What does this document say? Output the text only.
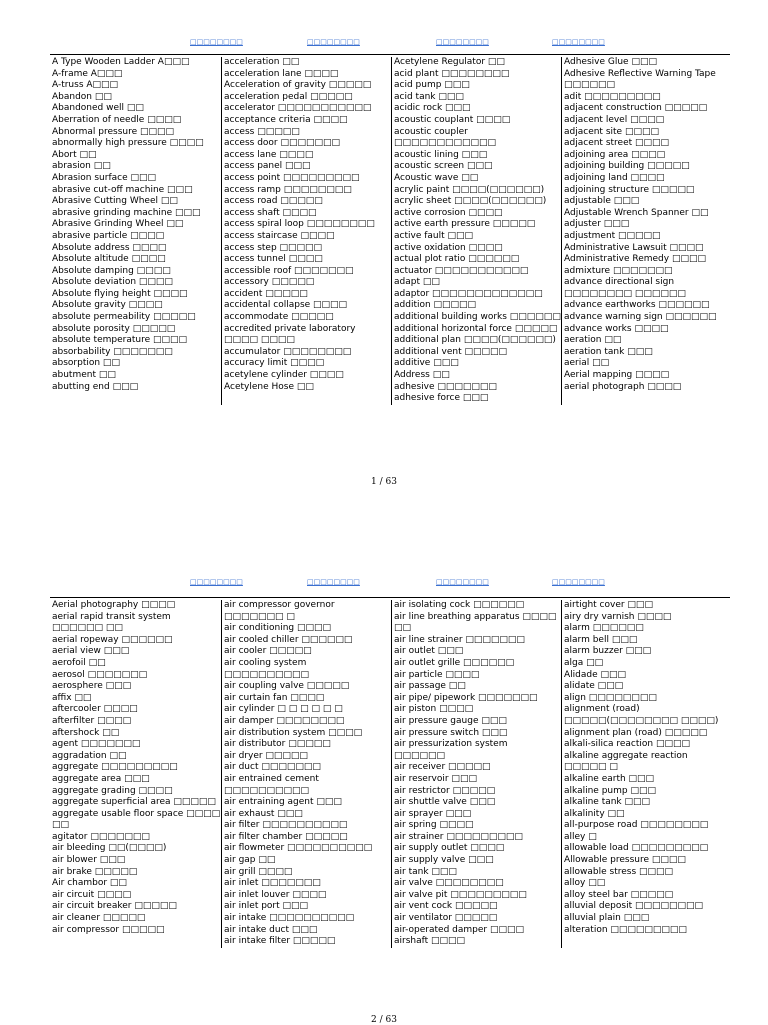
□□□□□□□□	□□□□□□□□	□□□□□□□□	□□□□□□□□
A Type Wooden Ladder A□□□
A-frame A□□□
A-truss A□□□
Abandon □□
Abandoned well □□
Aberration of needle □□□□
Abnormal pressure □□□□
abnormally high pressure □□□□
Abort □□
abrasion □□
Abrasion surface □□□
abrasive cut-off machine □□□
Abrasive Cutting Wheel □□
abrasive grinding machine □□□
Abrasive Grinding Wheel □□
abrasive particle □□□□
Absolute address □□□□
Absolute altitude □□□□
Absolute damping □□□□
Absolute deviation □□□□
Absolute flying height □□□□
Absolute gravity □□□□
absolute permeability □□□□□
absolute porosity □□□□□
absolute temperature □□□□
absorbability □□□□□□□
absorption □□
abutment □□
abutting end □□□
acceleration □□
acceleration lane □□□□
Acceleration of gravity □□□□□
acceleration pedal □□□□□
accelerator □□□□□□□□□□□
acceptance criteria □□□□
access □□□□□
access door □□□□□□□
access lane □□□□
access panel □□□
access point □□□□□□□□□
access ramp □□□□□□□□
access road □□□□□
access shaft □□□□
access spiral loop □□□□□□□□
access staircase □□□□
access step □□□□□
access tunnel □□□□
accessible roof □□□□□□□
accessory □□□□□
accident □□□□□
accidental collapse □□□□
accommodate □□□□□
accredited private laboratory □□□□ □□□□
accumulator □□□□□□□□
accuracy limit □□□□
acetylene cylinder □□□□
Acetylene Hose □□
Acetylene Regulator □□
acid plant □□□□□□□□
acid pump □□□
acid tank □□□
acidic rock □□□
acoustic couplant □□□□
acoustic coupler □□□□□□□□□□□□
acoustic lining □□□
acoustic screen □□□
Acoustic wave □□
acrylic paint □□□□(□□□□□□)
acrylic sheet □□□□(□□□□□□)
active corrosion □□□□
active earth pressure □□□□□
active fault □□□
active oxidation □□□□
actual plot ratio □□□□□□
actuator □□□□□□□□□□□
adapt □□
adaptor □□□□□□□□□□□□□
addition □□□□□
additional building works □□□□□□
additional horizontal force □□□□□
additional plan □□□□(□□□□□□)
additional vent □□□□□
additive □□□
Address □□
adhesive □□□□□□□
adhesive force □□□
Adhesive Glue □□□
Adhesive Reflective Warning Tape □□□□□□
adit □□□□□□□□□
adjacent construction □□□□□
adjacent level □□□□
adjacent site □□□□
adjacent street □□□□
adjoining area □□□□
adjoining building □□□□□
adjoining land □□□□
adjoining structure □□□□□
adjustable □□□
Adjustable Wrench Spanner □□
adjuster □□□
adjustment □□□□□
Administrative Lawsuit □□□□
Administrative Remedy □□□□
admixture □□□□□□□
advance directional sign □□□□□□□□ □□□□□□
advance earthworks □□□□□□
advance warning sign □□□□□□
advance works □□□□
aeration □□
aeration tank □□□
aerial □□
Aerial mapping □□□□
aerial photograph □□□□
1 / 63
□□□□□□□□	□□□□□□□□	□□□□□□□□	□□□□□□□□
Aerial photography □□□□
aerial rapid transit system □□□□□□ □□
aerial ropeway □□□□□□
aerial view □□□
aerofoil □□
aerosol □□□□□□□
aerosphere □□□
affix □□
aftercooler □□□□
afterfilter □□□□
aftershock □□
agent □□□□□□□
aggradation □□
aggregate □□□□□□□□□
aggregate area □□□
aggregate grading □□□□
aggregate superficial area □□□□□
aggregate usable floor space □□□□ □□
agitator □□□□□□□
air bleeding □□(□□□□)
air blower □□□
air brake □□□□□
Air chambor □□
air circuit □□□□
air circuit breaker □□□□□
air cleaner □□□□□
air compressor □□□□□
air compressor governor □□□□□□□ □
air conditioning □□□□
air cooled chiller □□□□□□
air cooler □□□□□
air cooling system □□□□□□□□□□
air coupling valve □□□□□
air curtain fan □□□□
air cylinder □ □ □ □ □ □
air damper □□□□□□□□
air distribution system □□□□
air distributor □□□□□
air dryer □□□□□
air duct □□□□□□□
air entrained cement □□□□□□□□□□
air entraining agent □□□
air exhaust □□□
air filter □□□□□□□□□□
air filter chamber □□□□□
air flowmeter □□□□□□□□□□
air gap □□
air grill □□□□
air inlet □□□□□□□
air inlet louver □□□□
air inlet port □□□
air intake □□□□□□□□□□
air intake duct □□□
air intake filter □□□□□
air isolating cock □□□□□□
air line breathing apparatus □□□□ □□
air line strainer □□□□□□□
air outlet □□□
air outlet grille □□□□□□
air particle □□□□
air passage □□
air pipe/ pipework □□□□□□□
air piston □□□□
air pressure gauge □□□
air pressure switch □□□
air pressurization system □□□□□□
air receiver □□□□□
air reservoir □□□
air restrictor □□□□□
air shuttle valve □□□
air sprayer □□□
air spring □□□□
air strainer □□□□□□□□□
air supply outlet □□□□
air supply valve □□□
air tank □□□
air valve □□□□□□□□
air valve pit □□□□□□□□□
air vent cock □□□□□
air ventilator □□□□□
air-operated damper □□□□
airshaft □□□□
airtight cover □□□
airy dry varnish □□□□
alarm □□□□□□
alarm bell □□□
alarm buzzer □□□
alga □□
Alidade □□□
alidate □□□
align □□□□□□□□
alignment (road) □□□□□(□□□□□□□□ □□□□)
alignment plan (road) □□□□□
alkali-silica reaction □□□□
alkaline aggregate reaction □□□□□ □
alkaline earth □□□
alkaline pump □□□
alkaline tank □□□
alkalinity □□
all-purpose road □□□□□□□□
alley □
allowable load □□□□□□□□□
Allowable pressure □□□□
allowable stress □□□□
alloy □□
alloy steel bar □□□□□
alluvial deposit □□□□□□□□
alluvial plain □□□
alteration □□□□□□□□□
2 / 63
